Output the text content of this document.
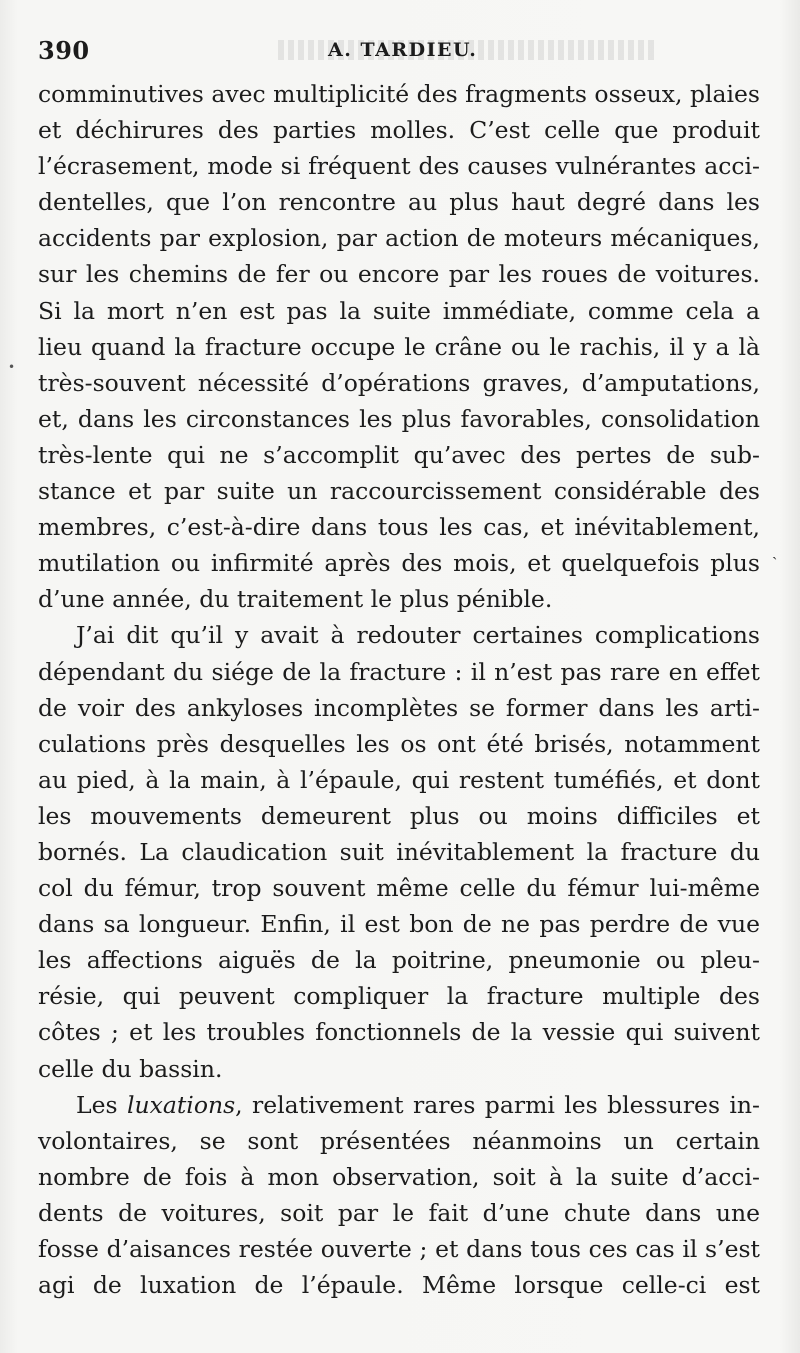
390	A. TARDIEU.
•
ˎ
comminutives avec multiplicité des fragments osseux, plaies
et déchirures des parties molles. C’est celle que produit
l’écrasement, mode si fréquent des causes vulnérantes acci-
dentelles, que l’on rencontre au plus haut degré dans les
accidents par explosion, par action de moteurs mécaniques,
sur les chemins de fer ou encore par les roues de voitures.
Si la mort n’en est pas la suite immédiate, comme cela a
lieu quand la fracture occupe le crâne ou le rachis, il y a là
très-souvent nécessité d’opérations graves, d’amputations,
et, dans les circonstances les plus favorables, consolidation
très-lente qui ne s’accomplit qu’avec des pertes de sub-
stance et par suite un raccourcissement considérable des
membres, c’est-à-dire dans tous les cas, et inévitablement,
mutilation ou infirmité après des mois, et quelquefois plus
d’une année, du traitement le plus pénible.
J’ai dit qu’il y avait à redouter certaines complications
dépendant du siége de la fracture : il n’est pas rare en effet
de voir des ankyloses incomplètes se former dans les arti-
culations près desquelles les os ont été brisés, notamment
au pied, à la main, à l’épaule, qui restent tuméfiés, et dont
les mouvements demeurent plus ou moins difficiles et
bornés. La claudication suit inévitablement la fracture du
col du fémur, trop souvent même celle du fémur lui-même
dans sa longueur. Enfin, il est bon de ne pas perdre de vue
les affections aiguës de la poitrine, pneumonie ou pleu-
résie, qui peuvent compliquer la fracture multiple des
côtes ; et les troubles fonctionnels de la vessie qui suivent
celle du bassin.
Les luxations, relativement rares parmi les blessures in-
volontaires, se sont présentées néanmoins un certain
nombre de fois à mon observation, soit à la suite d’acci-
dents de voitures, soit par le fait d’une chute dans une
fosse d’aisances restée ouverte ; et dans tous ces cas il s’est
agi de luxation de l’épaule. Même lorsque celle-ci est
